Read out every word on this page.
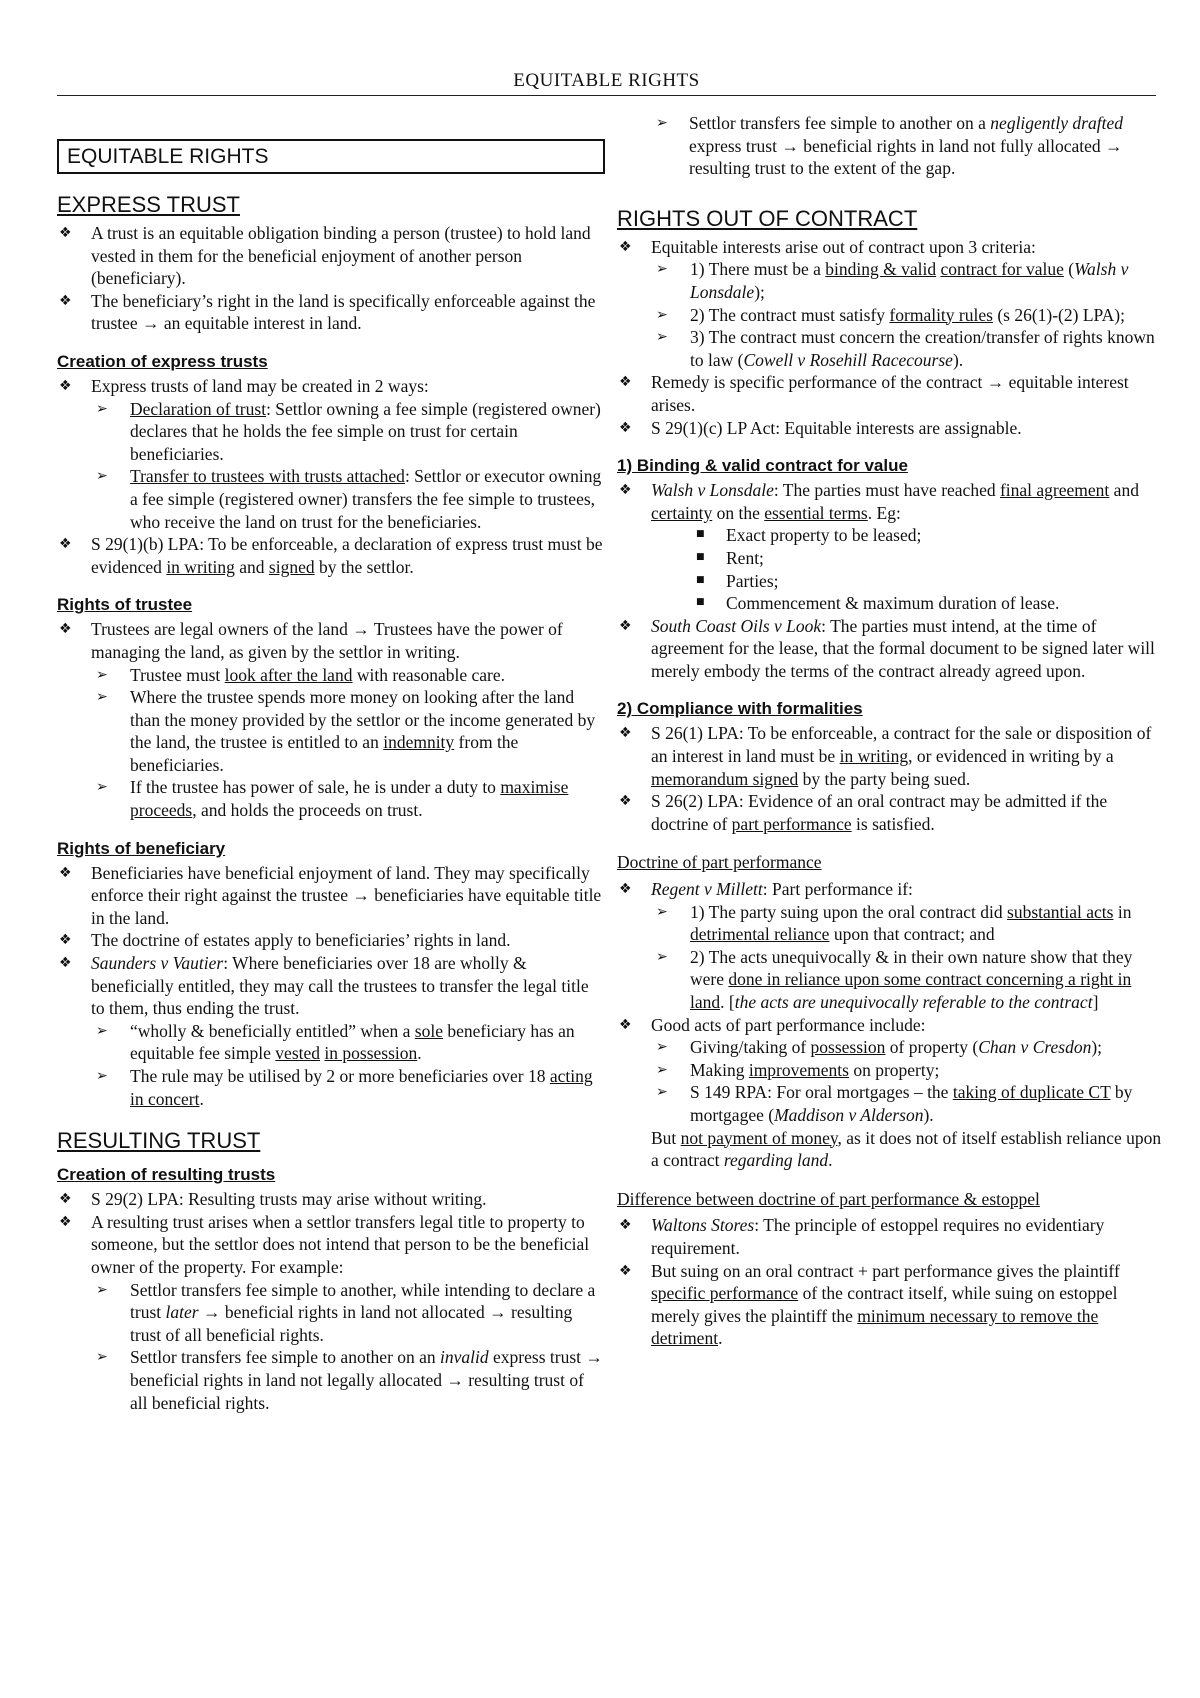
EQUITABLE RIGHTS
EQUITABLE RIGHTS
EXPRESS TRUST
❖ A trust is an equitable obligation binding a person (trustee) to hold land vested in them for the beneficial enjoyment of another person (beneficiary).
❖ The beneficiary’s right in the land is specifically enforceable against the trustee → an equitable interest in land.
Creation of express trusts
❖ Express trusts of land may be created in 2 ways:
➢ Declaration of trust: Settlor owning a fee simple (registered owner) declares that he holds the fee simple on trust for certain beneficiaries.
➢ Transfer to trustees with trusts attached: Settlor or executor owning a fee simple (registered owner) transfers the fee simple to trustees, who receive the land on trust for the beneficiaries.
❖ S 29(1)(b) LPA: To be enforceable, a declaration of express trust must be evidenced in writing and signed by the settlor.
Rights of trustee
❖ Trustees are legal owners of the land → Trustees have the power of managing the land, as given by the settlor in writing.
➢ Trustee must look after the land with reasonable care.
➢ Where the trustee spends more money on looking after the land than the money provided by the settlor or the income generated by the land, the trustee is entitled to an indemnity from the beneficiaries.
➢ If the trustee has power of sale, he is under a duty to maximise proceeds, and holds the proceeds on trust.
Rights of beneficiary
❖ Beneficiaries have beneficial enjoyment of land. They may specifically enforce their right against the trustee → beneficiaries have equitable title in the land.
❖ The doctrine of estates apply to beneficiaries’ rights in land.
❖ Saunders v Vautier: Where beneficiaries over 18 are wholly & beneficially entitled, they may call the trustees to transfer the legal title to them, thus ending the trust.
➢ “wholly & beneficially entitled” when a sole beneficiary has an equitable fee simple vested in possession.
➢ The rule may be utilised by 2 or more beneficiaries over 18 acting in concert.
RESULTING TRUST
Creation of resulting trusts
❖ S 29(2) LPA: Resulting trusts may arise without writing.
❖ A resulting trust arises when a settlor transfers legal title to property to someone, but the settlor does not intend that person to be the beneficial owner of the property. For example:
➢ Settlor transfers fee simple to another, while intending to declare a trust later → beneficial rights in land not allocated → resulting trust of all beneficial rights.
➢ Settlor transfers fee simple to another on an invalid express trust → beneficial rights in land not legally allocated → resulting trust of all beneficial rights.
➢ Settlor transfers fee simple to another on a negligently drafted express trust → beneficial rights in land not fully allocated → resulting trust to the extent of the gap.
RIGHTS OUT OF CONTRACT
❖ Equitable interests arise out of contract upon 3 criteria:
➢ 1) There must be a binding & valid contract for value (Walsh v Lonsdale);
➢ 2) The contract must satisfy formality rules (s 26(1)-(2) LPA);
➢ 3) The contract must concern the creation/transfer of rights known to law (Cowell v Rosehill Racecourse).
❖ Remedy is specific performance of the contract → equitable interest arises.
❖ S 29(1)(c) LP Act: Equitable interests are assignable.
1) Binding & valid contract for value
❖ Walsh v Lonsdale: The parties must have reached final agreement and certainty on the essential terms. Eg:
■ Exact property to be leased;
■ Rent;
■ Parties;
■ Commencement & maximum duration of lease.
❖ South Coast Oils v Look: The parties must intend, at the time of agreement for the lease, that the formal document to be signed later will merely embody the terms of the contract already agreed upon.
2) Compliance with formalities
❖ S 26(1) LPA: To be enforceable, a contract for the sale or disposition of an interest in land must be in writing, or evidenced in writing by a memorandum signed by the party being sued.
❖ S 26(2) LPA: Evidence of an oral contract may be admitted if the doctrine of part performance is satisfied.
Doctrine of part performance
❖ Regent v Millett: Part performance if:
➢ 1) The party suing upon the oral contract did substantial acts in detrimental reliance upon that contract; and
➢ 2) The acts unequivocally & in their own nature show that they were done in reliance upon some contract concerning a right in land. [the acts are unequivocally referable to the contract]
❖ Good acts of part performance include:
➢ Giving/taking of possession of property (Chan v Cresdon);
➢ Making improvements on property;
➢ S 149 RPA: For oral mortgages – the taking of duplicate CT by mortgagee (Maddison v Alderson).
But not payment of money, as it does not of itself establish reliance upon a contract regarding land.
Difference between doctrine of part performance & estoppel
❖ Waltons Stores: The principle of estoppel requires no evidentiary requirement.
❖ But suing on an oral contract + part performance gives the plaintiff specific performance of the contract itself, while suing on estoppel merely gives the plaintiff the minimum necessary to remove the detriment.
